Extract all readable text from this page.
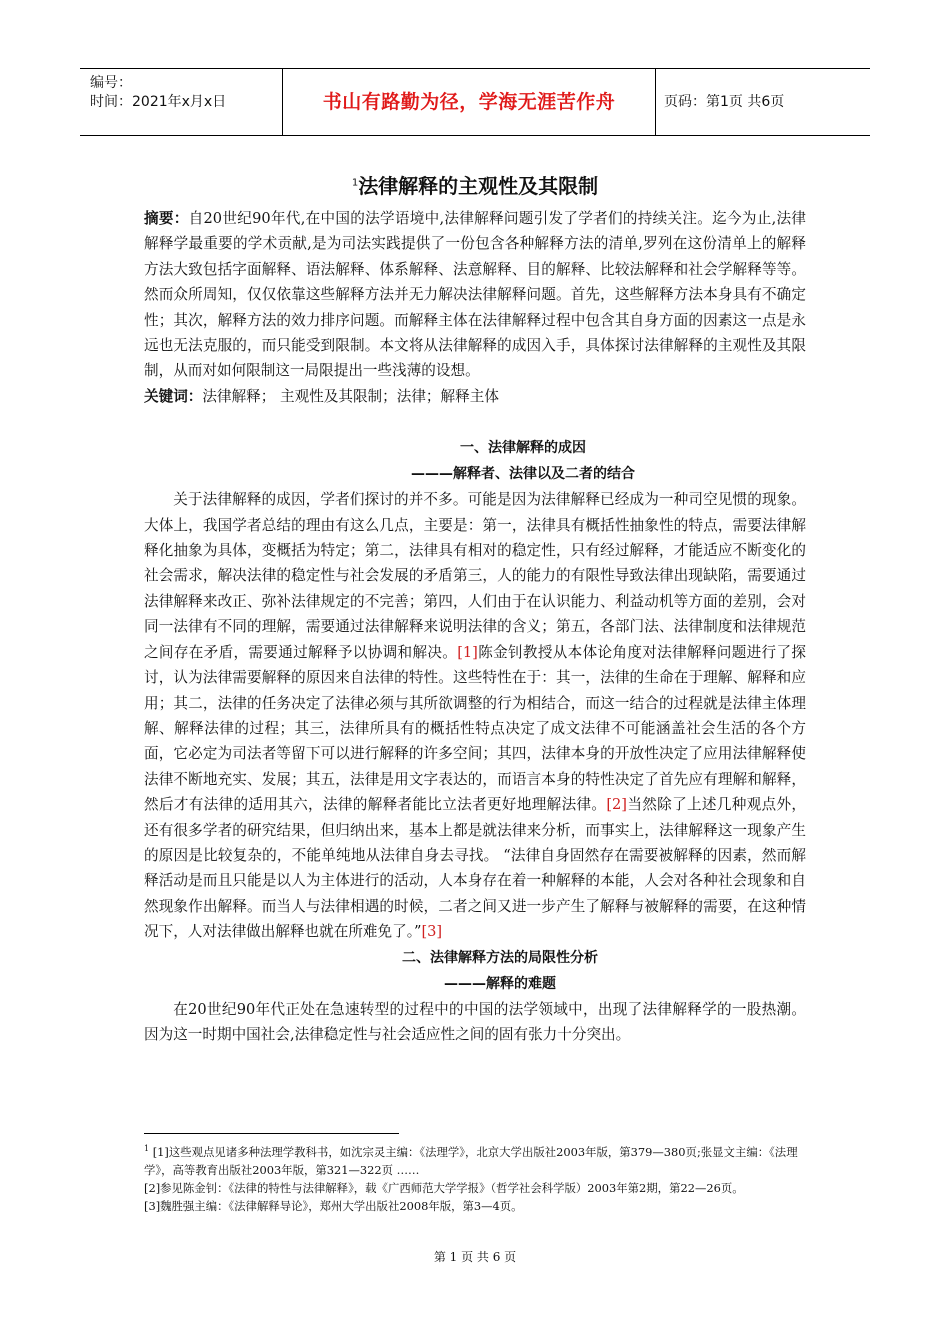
编号：
时间：2021年x月x日	书山有路勤为径，学海无涯苦作舟	页码：第1页 共6页
$^1$法律解释的主观性及其限制

摘要：自20世纪90年代,在中国的法学语境中,法律解释问题引发了学者们的持续关注。迄今为止,法律解释学最重要的学术贡献,是为司法实践提供了一份包含各种解释方法的清单,罗列在这份清单上的解释方法大致包括字面解释、语法解释、体系解释、法意解释、目的解释、比较法解释和社会学解释等等。然而众所周知，仅仅依靠这些解释方法并无力解决法律解释问题。首先，这些解释方法本身具有不确定性；其次，解释方法的效力排序问题。而解释主体在法律解释过程中包含其自身方面的因素这一点是永远也无法克服的，而只能受到限制。本文将从法律解释的成因入手，具体探讨法律解释的主观性及其限制，从而对如何限制这一局限提出一些浅薄的设想。

关键词：法律解释； 主观性及其限制；法律；解释主体

一、法律解释的成因

———解释者、法律以及二者的结合

关于法律解释的成因，学者们探讨的并不多。可能是因为法律解释已经成为一种司空见惯的现象。大体上，我国学者总结的理由有这么几点，主要是：第一，法律具有概括性抽象性的特点，需要法律解释化抽象为具体，变概括为特定；第二，法律具有相对的稳定性，只有经过解释，才能适应不断变化的社会需求，解决法律的稳定性与社会发展的矛盾第三，人的能力的有限性导致法律出现缺陷，需要通过法律解释来改正、弥补法律规定的不完善；第四，人们由于在认识能力、利益动机等方面的差别，会对同一法律有不同的理解，需要通过法律解释来说明法律的含义；第五，各部门法、法律制度和法律规范之间存在矛盾，需要通过解释予以协调和解决。[1]陈金钊教授从本体论角度对法律解释问题进行了探讨，认为法律需要解释的原因来自法律的特性。这些特性在于：其一，法律的生命在于理解、解释和应用；其二，法律的任务决定了法律必须与其所欲调整的行为相结合，而这一结合的过程就是法律主体理解、解释法律的过程；其三，法律所具有的概括性特点决定了成文法律不可能涵盖社会生活的各个方面，它必定为司法者等留下可以进行解释的许多空间；其四，法律本身的开放性决定了应用法律解释使法律不断地充实、发展；其五，法律是用文字表达的，而语言本身的特性决定了首先应有理解和解释，然后才有法律的适用其六，法律的解释者能比立法者更好地理解法律。[2]当然除了上述几种观点外，还有很多学者的研究结果，但归纳出来，基本上都是就法律来分析，而事实上，法律解释这一现象产生的原因是比较复杂的，不能单纯地从法律自身去寻找。 “法律自身固然存在需要被解释的因素，然而解释活动是而且只能是以人为主体进行的活动，人本身存在着一种解释的本能，人会对各种社会现象和自然现象作出解释。而当人与法律相遇的时候，二者之间又进一步产生了解释与被解释的需要，在这种情况下，人对法律做出解释也就在所难免了。”[3]

二、法律解释方法的局限性分析

———解释的难题

在20世纪90年代正处在急速转型的过程中的中国的法学领域中，出现了法律解释学的一股热潮。因为这一时期中国社会,法律稳定性与社会适应性之间的固有张力十分突出。

$^1$ [1]这些观点见诸多种法理学教科书，如沈宗灵主编：《法理学》，北京大学出版社2003年版，第379—380页;张显文主编：《法理学》，高等教育出版社2003年版，第321—322页 ……

[2]参见陈金钊：《法律的特性与法律解释》，载《广西师范大学学报》（哲学社会科学版）2003年第2期，第22—26页。

[3]魏胜强主编：《法律解释导论》，郑州大学出版社2008年版，第3—4页。

第 1 页 共 6 页
